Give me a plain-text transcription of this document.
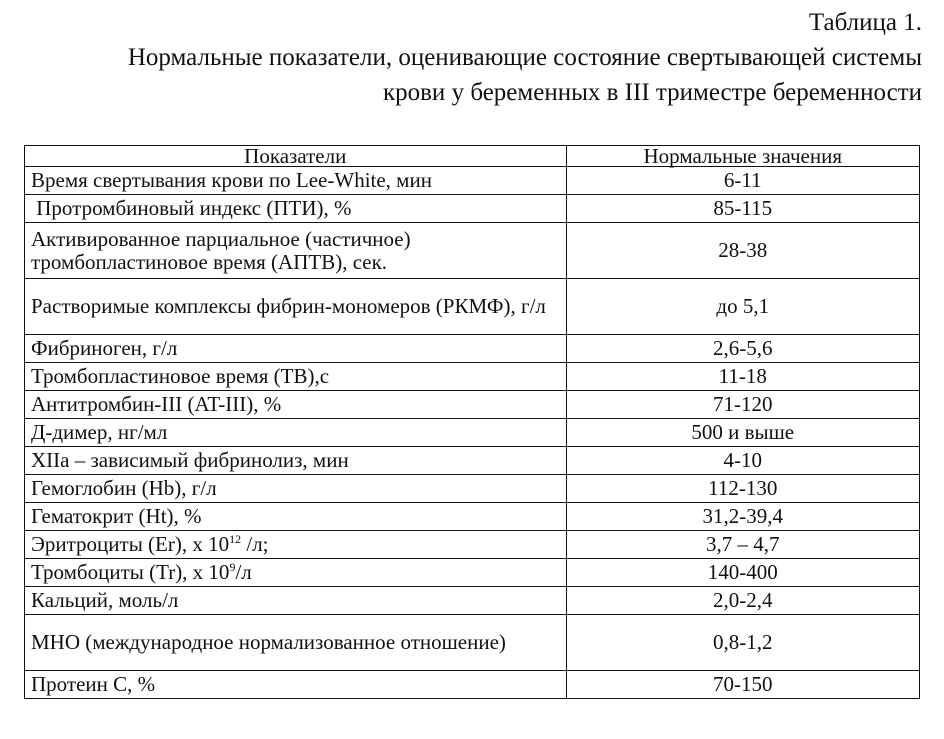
Таблица 1.
Нормальные показатели, оценивающие состояние свертывающей системы
крови у беременных в III триместре беременности
Показатели	Нормальные значения
Время свертывания крови по Lee-White, мин	6-11
Протромбиновый индекс (ПТИ), %	85-115
Активированное парциальное (частичное) тромбопластиновое время (АПТВ), сек.	28-38
Растворимые комплексы фибрин-мономеров (РКМФ), г/л	до 5,1
Фибриноген, г/л	2,6-5,6
Тромбопластиновое время (ТВ),с	11-18
Антитромбин-III (AT-III), %	71-120
Д-димер, нг/мл	500 и выше
XIIa – зависимый фибринолиз, мин	4-10
Гемоглобин (Hb), г/л	112-130
Гематокрит (Ht), %	31,2-39,4
Эритроциты (Er), х $10^{12}$ /л;	3,7 – 4,7
Тромбоциты (Tr), х $10^9/л$	140-400
Кальций, моль/л	2,0-2,4
МНО (международное нормализованное отношение)	0,8-1,2
Протеин С, %	70-150
